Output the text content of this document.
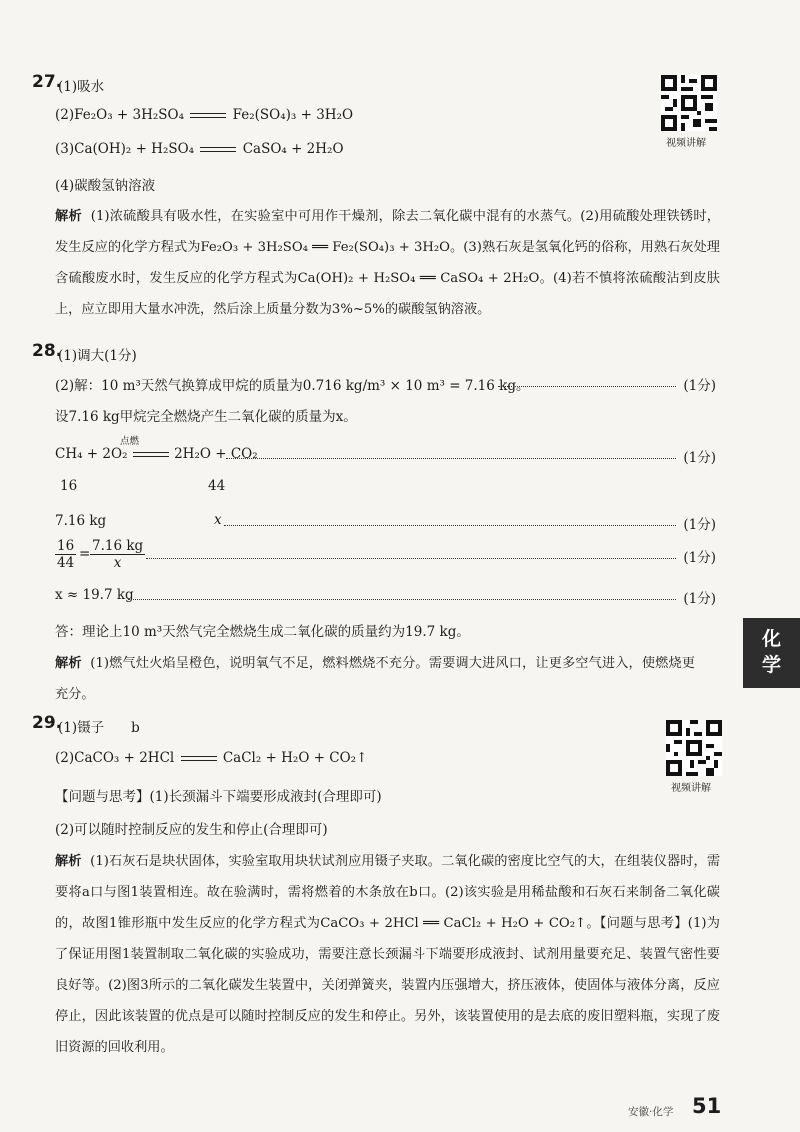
27.
(1)吸水
(2)Fe₂O₃ + 3H₂SO₄	Fe₂(SO₄)₃ + 3H₂O
(3)Ca(OH)₂ + H₂SO₄	CaSO₄ + 2H₂O
(4)碳酸氢钠溶液
视频讲解
解析 (1)浓硫酸具有吸水性，在实验室中可用作干燥剂，除去二氧化碳中混有的水蒸气。(2)用硫酸处理铁锈时，发生反应的化学方程式为Fe₂O₃ + 3H₂SO₄ ══ Fe₂(SO₄)₃ + 3H₂O。(3)熟石灰是氢氧化钙的俗称，用熟石灰处理含硫酸废水时，发生反应的化学方程式为Ca(OH)₂ + H₂SO₄ ══ CaSO₄ + 2H₂O。(4)若不慎将浓硫酸沾到皮肤上，应立即用大量水冲洗，然后涂上质量分数为3%~5%的碳酸氢钠溶液。
28.
(1)调大(1分)
(2)解：10 m³天然气换算成甲烷的质量为0.716 kg/m³ × 10 m³ = 7.16 kg。	(1分)
设7.16 kg甲烷完全燃烧产生二氧化碳的质量为x。
点燃
CH₄ + 2O₂	2H₂O + CO₂	(1分)
16	44
7.16 kg	x	(1分)
$\frac{16}{44} = \frac{7.16 kg}{x}$	(1分)
x ≈ 19.7 kg	(1分)
答：理论上10 m³天然气完全燃烧生成二氧化碳的质量约为19.7 kg。
解析 (1)燃气灶火焰呈橙色，说明氧气不足，燃料燃烧不充分。需要调大进风口，让更多空气进入，使燃烧更充分。
29.
(1)镊子　　b
(2)CaCO₃ + 2HCl	CaCl₂ + H₂O + CO₂↑
【问题与思考】(1)长颈漏斗下端要形成液封(合理即可)
(2)可以随时控制反应的发生和停止(合理即可)
视频讲解
解析 (1)石灰石是块状固体，实验室取用块状试剂应用镊子夹取。二氧化碳的密度比空气的大，在组装仪器时，需要将a口与图1装置相连。故在验满时，需将燃着的木条放在b口。(2)该实验是用稀盐酸和石灰石来制备二氧化碳的，故图1锥形瓶中发生反应的化学方程式为CaCO₃ + 2HCl ══ CaCl₂ + H₂O + CO₂↑。【问题与思考】(1)为了保证用图1装置制取二氧化碳的实验成功，需要注意长颈漏斗下端要形成液封、试剂用量要充足、装置气密性要良好等。(2)图3所示的二氧化碳发生装置中，关闭弹簧夹，装置内压强增大，挤压液体，使固体与液体分离，反应停止，因此该装置的优点是可以随时控制反应的发生和停止。另外，该装置使用的是去底的废旧塑料瓶，实现了废旧资源的回收利用。
化
学
安徽·化学 51
